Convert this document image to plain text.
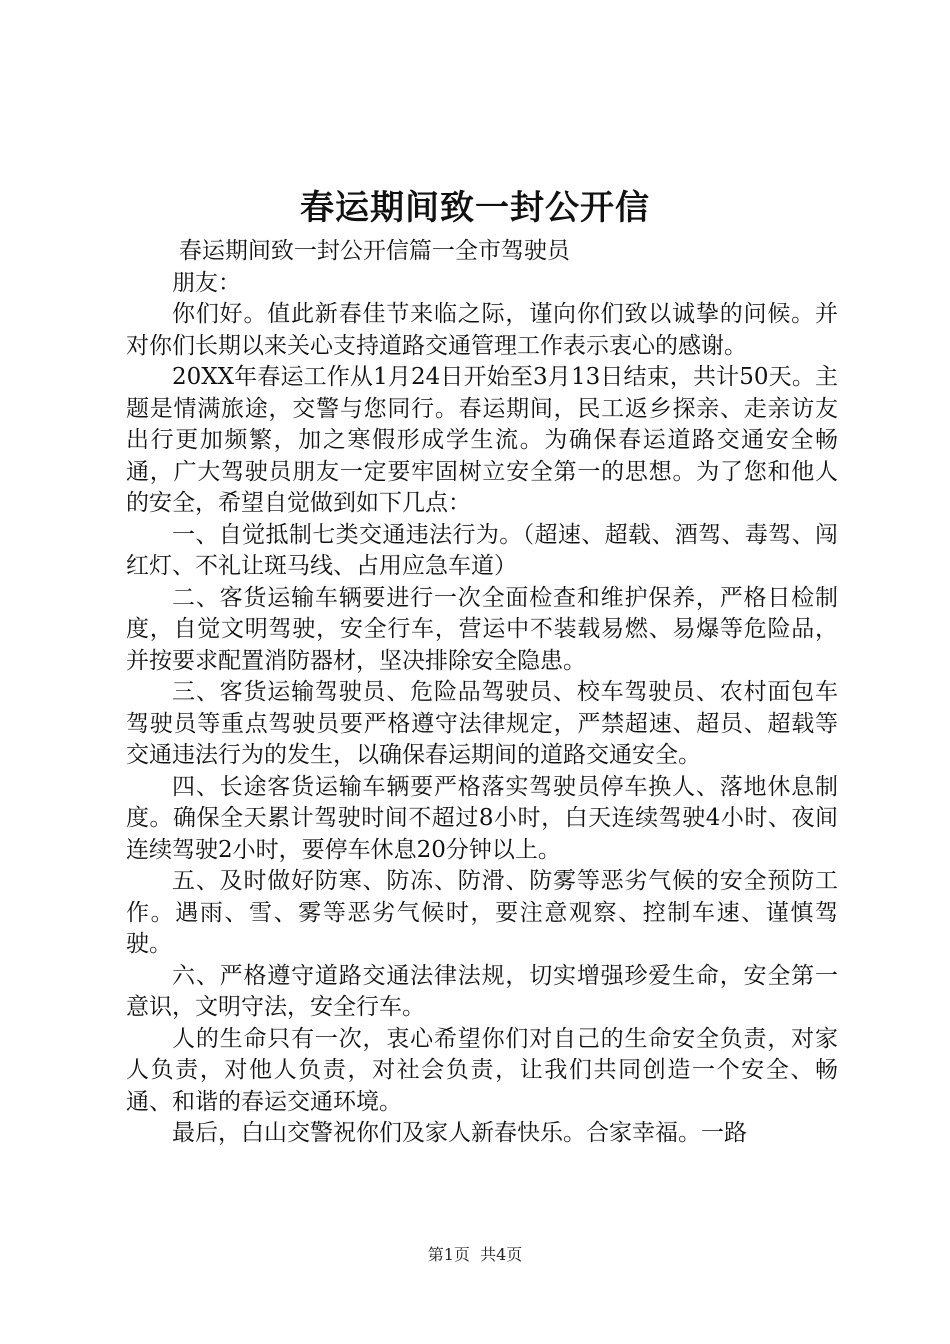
春运期间致一封公开信

春运期间致一封公开信篇一全市驾驶员

朋友：

你们好。值此新春佳节来临之际，谨向你们致以诚挚的问候。并对你们长期以来关心支持道路交通管理工作表示衷心的感谢。

20XX年春运工作从1月24日开始至3月13日结束，共计50天。主题是情满旅途，交警与您同行。春运期间，民工返乡探亲、走亲访友出行更加频繁，加之寒假形成学生流。为确保春运道路交通安全畅通，广大驾驶员朋友一定要牢固树立安全第一的思想。为了您和他人的安全，希望自觉做到如下几点：

一、自觉抵制七类交通违法行为。（超速、超载、酒驾、毒驾、闯红灯、不礼让斑马线、占用应急车道）

二、客货运输车辆要进行一次全面检查和维护保养，严格日检制度，自觉文明驾驶，安全行车，营运中不装载易燃、易爆等危险品，并按要求配置消防器材，坚决排除安全隐患。

三、客货运输驾驶员、危险品驾驶员、校车驾驶员、农村面包车驾驶员等重点驾驶员要严格遵守法律规定，严禁超速、超员、超载等交通违法行为的发生，以确保春运期间的道路交通安全。

四、长途客货运输车辆要严格落实驾驶员停车换人、落地休息制度。确保全天累计驾驶时间不超过8小时，白天连续驾驶4小时、夜间连续驾驶2小时，要停车休息20分钟以上。

五、及时做好防寒、防冻、防滑、防雾等恶劣气候的安全预防工作。遇雨、雪、雾等恶劣气候时，要注意观察、控制车速、谨慎驾驶。

六、严格遵守道路交通法律法规，切实增强珍爱生命，安全第一意识，文明守法，安全行车。

人的生命只有一次，衷心希望你们对自己的生命安全负责，对家人负责，对他人负责，对社会负责，让我们共同创造一个安全、畅通、和谐的春运交通环境。

最后，白山交警祝你们及家人新春快乐。合家幸福。一路

第1页 共4页
